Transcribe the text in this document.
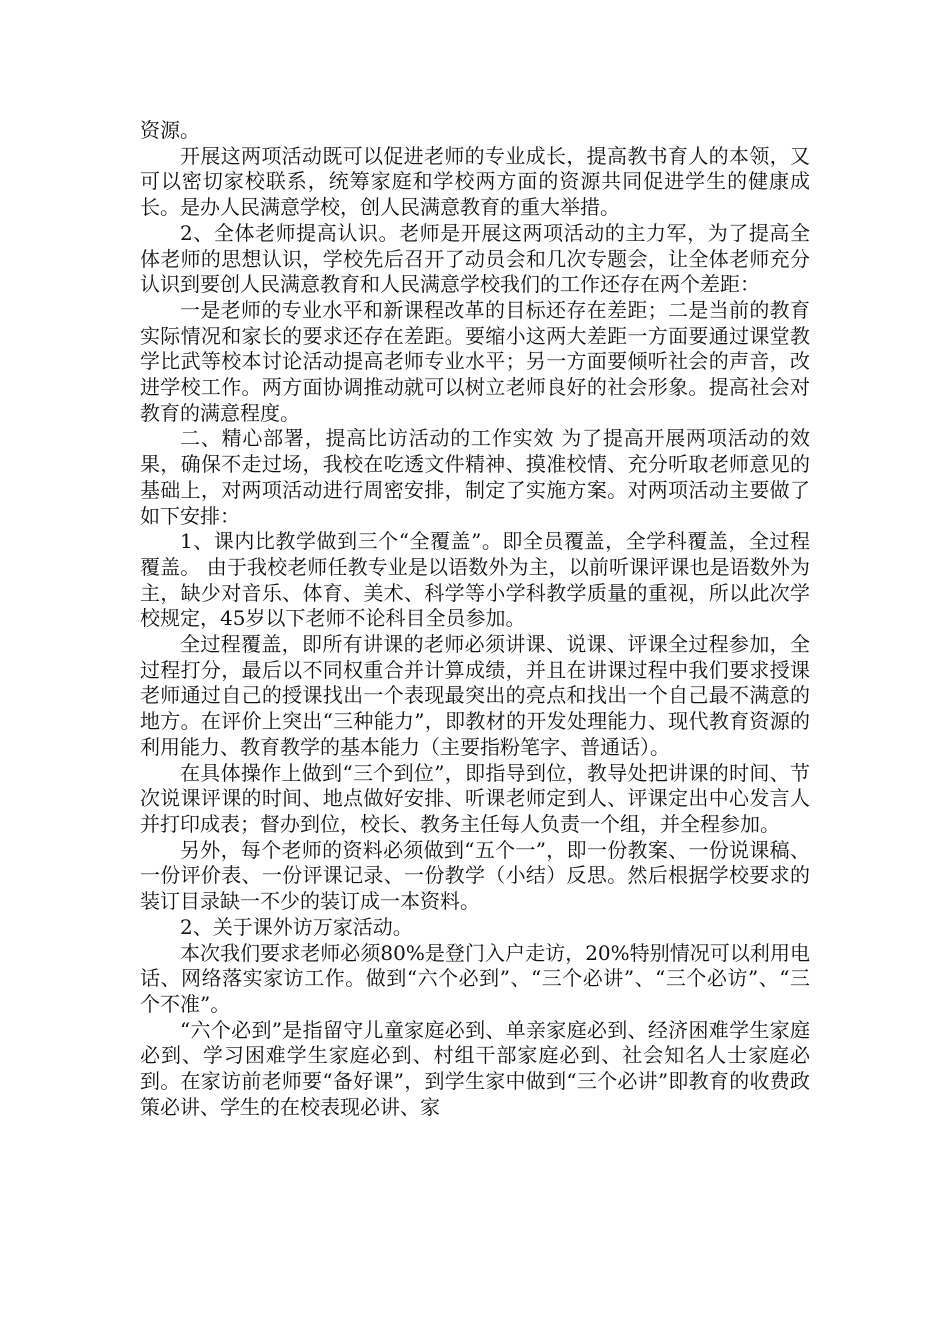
资源。

开展这两项活动既可以促进老师的专业成长，提高教书育人的本领，又可以密切家校联系，统筹家庭和学校两方面的资源共同促进学生的健康成长。是办人民满意学校，创人民满意教育的重大举措。

2、全体老师提高认识。老师是开展这两项活动的主力军，为了提高全体老师的思想认识，学校先后召开了动员会和几次专题会，让全体老师充分认识到要创人民满意教育和人民满意学校我们的工作还存在两个差距：

一是老师的专业水平和新课程改革的目标还存在差距；二是当前的教育实际情况和家长的要求还存在差距。要缩小这两大差距一方面要通过课堂教学比武等校本讨论活动提高老师专业水平；另一方面要倾听社会的声音，改进学校工作。两方面协调推动就可以树立老师良好的社会形象。提高社会对教育的满意程度。

二、精心部署，提高比访活动的工作实效 为了提高开展两项活动的效果，确保不走过场，我校在吃透文件精神、摸准校情、充分听取老师意见的基础上，对两项活动进行周密安排，制定了实施方案。对两项活动主要做了如下安排：

1、课内比教学做到三个“全覆盖”。即全员覆盖，全学科覆盖，全过程覆盖。 由于我校老师任教专业是以语数外为主，以前听课评课也是语数外为主，缺少对音乐、体育、美术、科学等小学科教学质量的重视，所以此次学校规定，45岁以下老师不论科目全员参加。

全过程覆盖，即所有讲课的老师必须讲课、说课、评课全过程参加，全过程打分，最后以不同权重合并计算成绩，并且在讲课过程中我们要求授课老师通过自己的授课找出一个表现最突出的亮点和找出一个自己最不满意的地方。在评价上突出“三种能力”，即教材的开发处理能力、现代教育资源的利用能力、教育教学的基本能力（主要指粉笔字、普通话）。

在具体操作上做到“三个到位”，即指导到位，教导处把讲课的时间、节次说课评课的时间、地点做好安排、听课老师定到人、评课定出中心发言人并打印成表；督办到位，校长、教务主任每人负责一个组，并全程参加。

另外，每个老师的资料必须做到“五个一”，即一份教案、一份说课稿、一份评价表、一份评课记录、一份教学（小结）反思。然后根据学校要求的装订目录缺一不少的装订成一本资料。

2、关于课外访万家活动。

本次我们要求老师必须80%是登门入户走访，20%特别情况可以利用电话、网络落实家访工作。做到“六个必到”、“三个必讲”、“三个必访”、“三个不准”。

“六个必到”是指留守儿童家庭必到、单亲家庭必到、经济困难学生家庭必到、学习困难学生家庭必到、村组干部家庭必到、社会知名人士家庭必到。在家访前老师要“备好课”，到学生家中做到“三个必讲”即教育的收费政策必讲、学生的在校表现必讲、家
